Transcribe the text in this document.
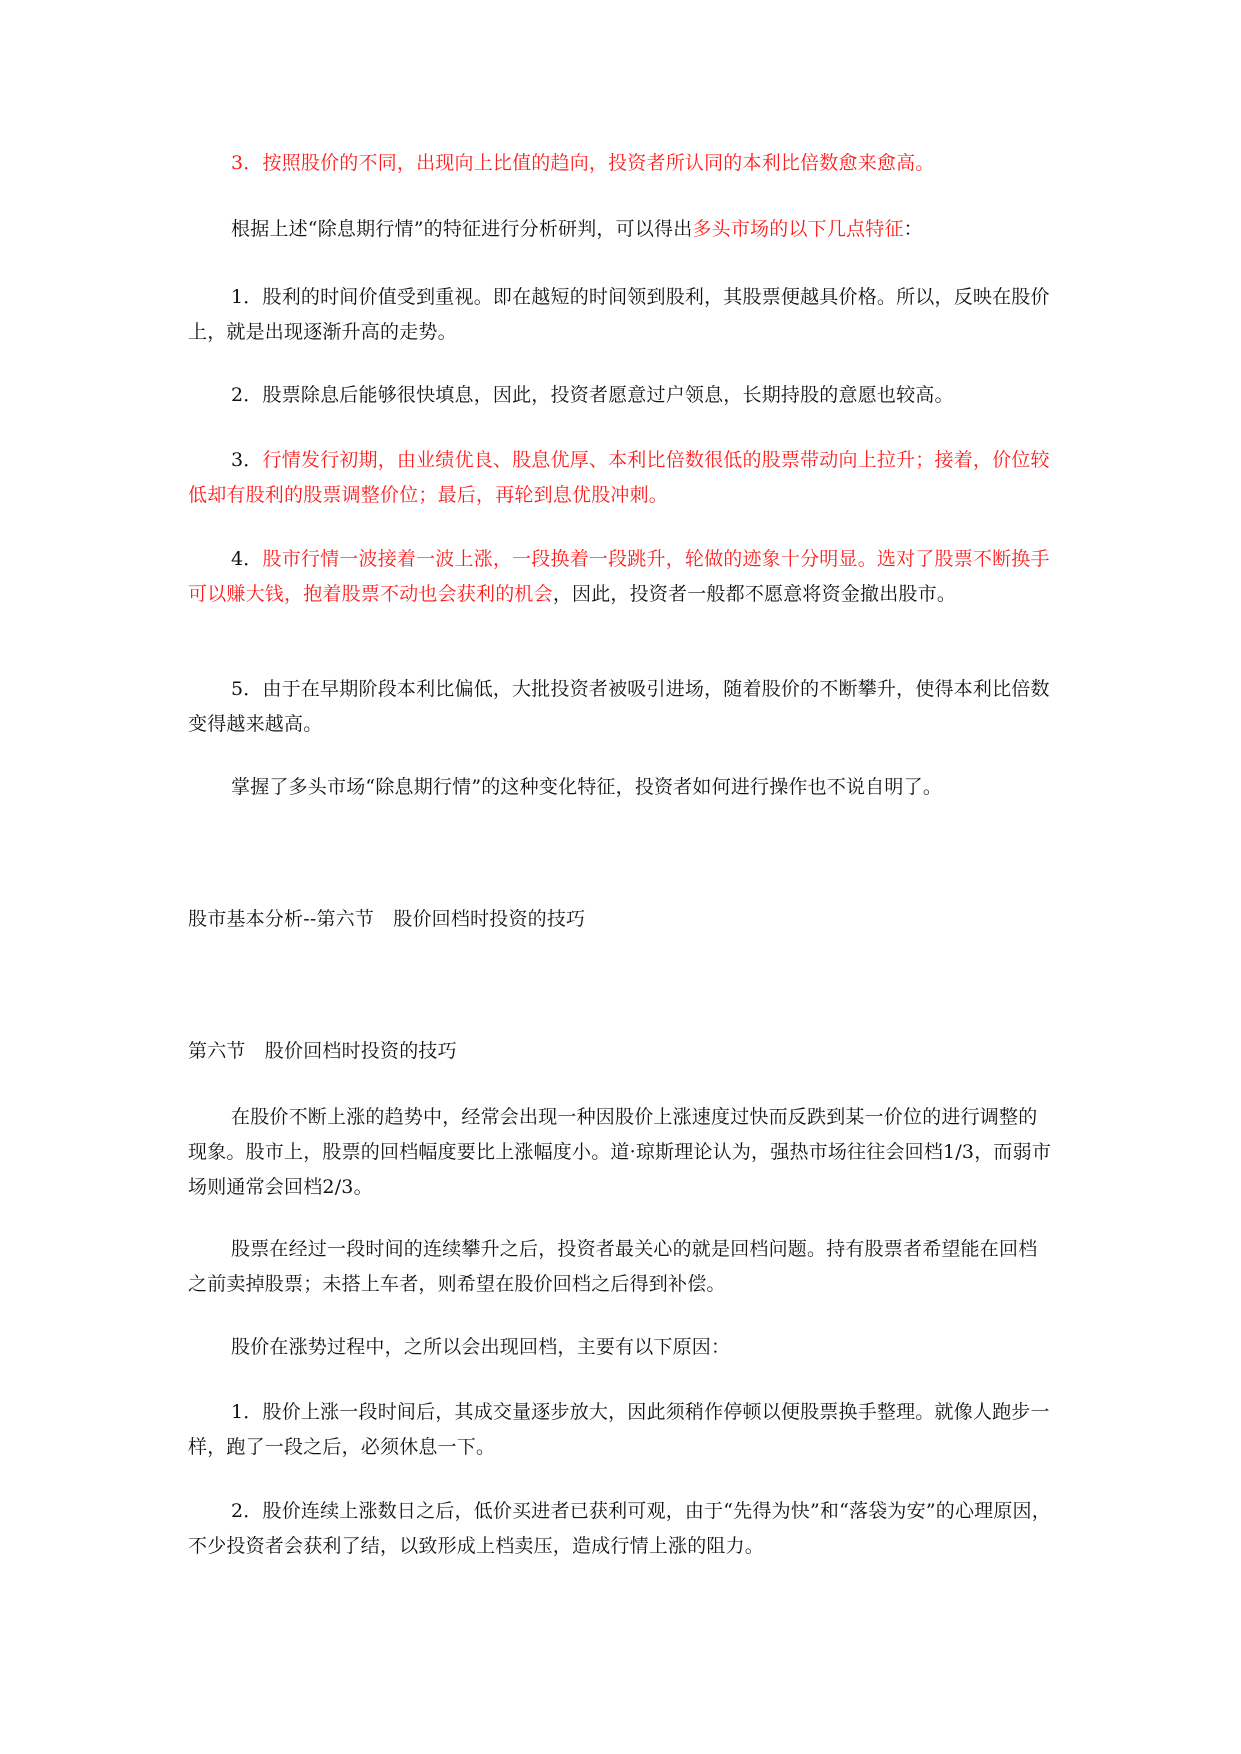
3．按照股价的不同，出现向上比值的趋向，投资者所认同的本利比倍数愈来愈高。

根据上述“除息期行情”的特征进行分析研判，可以得出多头市场的以下几点特征：

1．股利的时间价值受到重视。即在越短的时间领到股利，其股票便越具价格。所以，反映在股价上，就是出现逐渐升高的走势。

2．股票除息后能够很快填息，因此，投资者愿意过户领息，长期持股的意愿也较高。

3．行情发行初期，由业绩优良、股息优厚、本利比倍数很低的股票带动向上拉升；接着，价位较低却有股利的股票调整价位；最后，再轮到息优股冲刺。

4．股市行情一波接着一波上涨，一段换着一段跳升，轮做的迹象十分明显。选对了股票不断换手可以赚大钱，抱着股票不动也会获利的机会，因此，投资者一般都不愿意将资金撤出股市。

5．由于在早期阶段本利比偏低，大批投资者被吸引进场，随着股价的不断攀升，使得本利比倍数变得越来越高。

掌握了多头市场“除息期行情”的这种变化特征，投资者如何进行操作也不说自明了。

股市基本分析--第六节　股价回档时投资的技巧

第六节　股价回档时投资的技巧

在股价不断上涨的趋势中，经常会出现一种因股价上涨速度过快而反跌到某一价位的进行调整的现象。股市上，股票的回档幅度要比上涨幅度小。道·琼斯理论认为，强热市场往往会回档1/3，而弱市场则通常会回档2/3。

股票在经过一段时间的连续攀升之后，投资者最关心的就是回档问题。持有股票者希望能在回档之前卖掉股票；未搭上车者，则希望在股价回档之后得到补偿。

股价在涨势过程中，之所以会出现回档，主要有以下原因：

1．股价上涨一段时间后，其成交量逐步放大，因此须稍作停顿以便股票换手整理。就像人跑步一样，跑了一段之后，必须休息一下。

2．股价连续上涨数日之后，低价买进者已获利可观，由于“先得为快”和“落袋为安”的心理原因，不少投资者会获利了结，以致形成上档卖压，造成行情上涨的阻力。
